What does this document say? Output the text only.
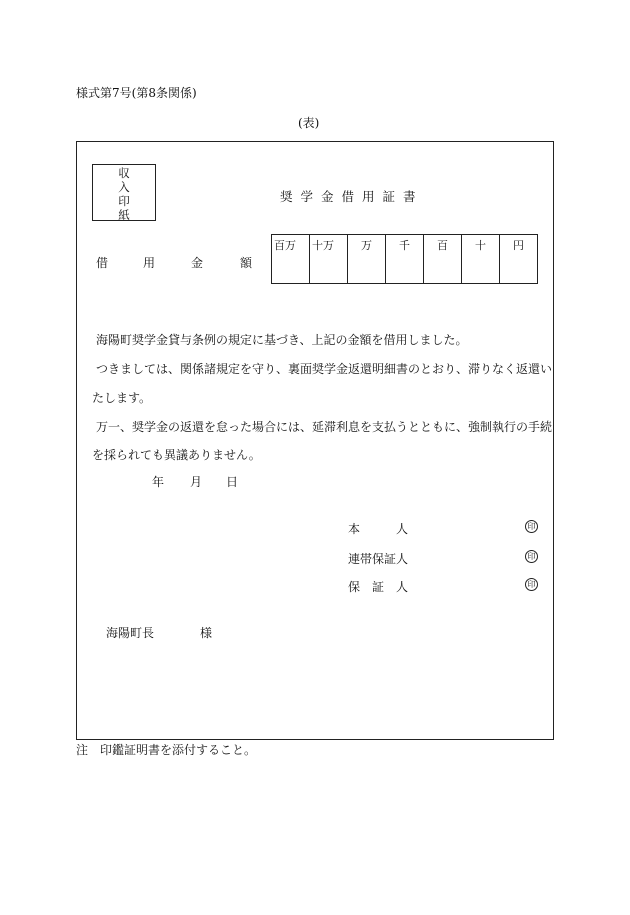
様式第7号(第8条関係)
(表)
収
入
印
紙
奨学金借用証書
借	用	金	額
百万	十万	万	千	百	十	円
海陽町奨学金貸与条例の規定に基づき、上記の金額を借用しました。
つきましては、関係諸規定を守り、裏面奨学金返還明細書のとおり、滞りなく返還い
たします。
万一、奨学金の返還を怠った場合には、延滞利息を支払うとともに、強制執行の手続
を採られても異議ありません。
年 月 日
本　　　人	印
連帯保証人	印
保　証　人	印
海陽町長	様
注　印鑑証明書を添付すること。
